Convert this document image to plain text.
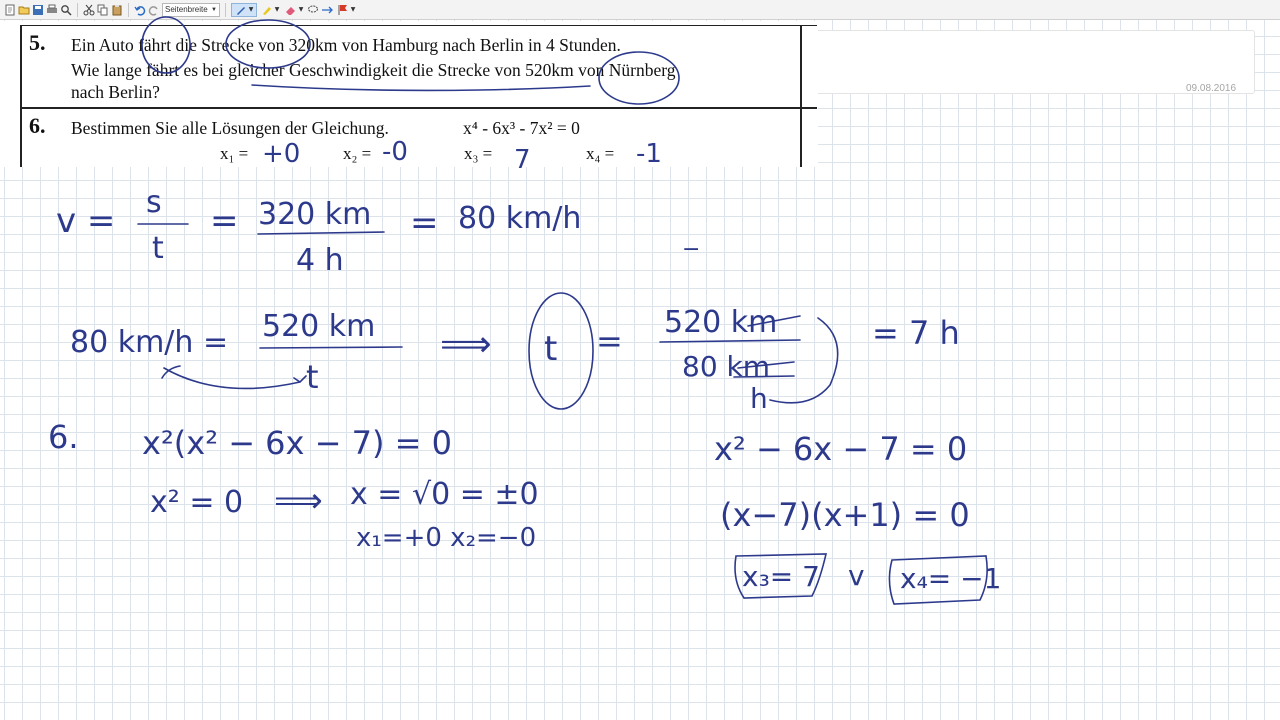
Seitenbreite ▼	▼	▼	▼	▼
09.08.2016
5. Ein Auto fährt die Strecke von 320km von Hamburg nach Berlin in 4 Stunden.
Wie lange fährt es bei gleicher Geschwindigkeit die Strecke von 520km von Nürnberg
nach Berlin?
6. Bestimmen Sie alle Lösungen der Gleichung.	x⁴ - 6x³ - 7x² = 0
x₁ =	x₂ =	x₃ =	x₄ =
+0	-0	7	-1
v = s
t
= 320 km
4 h
= 80 km/h
−
80 km/h = 520 km
t
⟹ t = 520 km
80 km
h
= 7 h
6. x²(x² − 6x − 7) = 0
x² = 0 ⟹ x = √0 = ±0
x₁=+0 x₂=−0
x² − 6x − 7 = 0
(x−7)(x+1) = 0
x₃= 7 v x₄= −1
